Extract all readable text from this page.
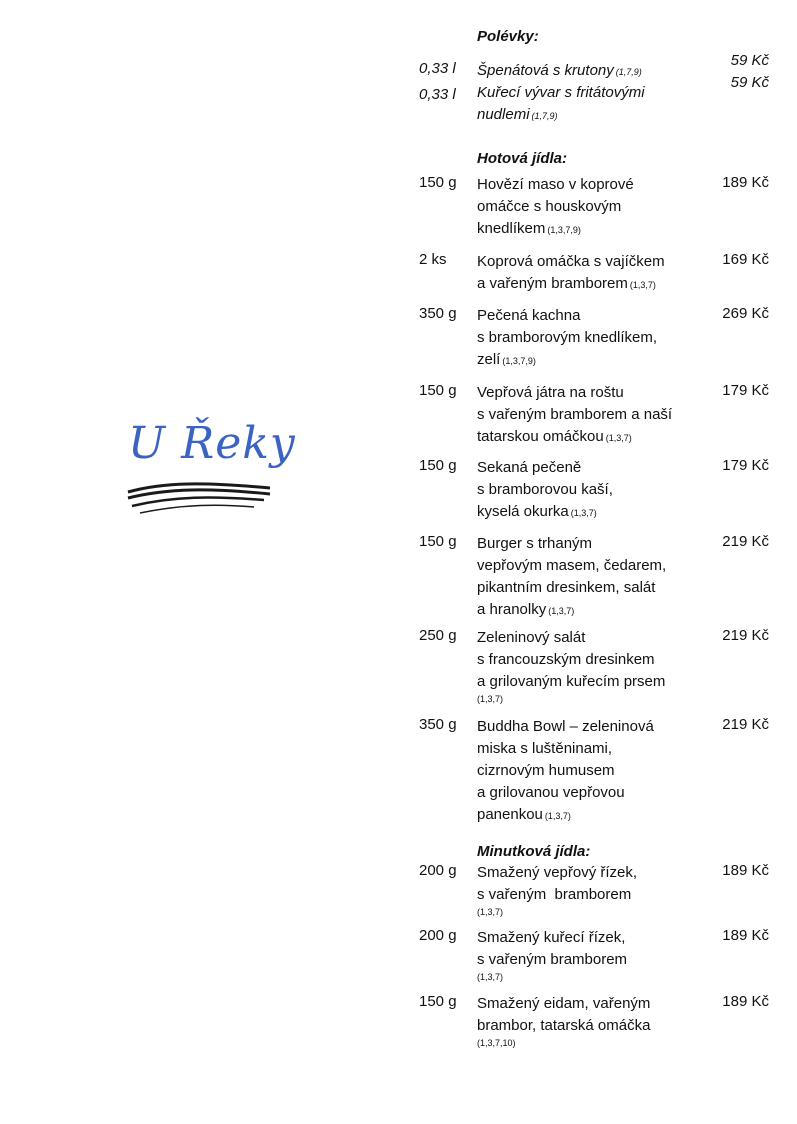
U Řeky
Polévky:
0,33 l Špenátová s krutony (1,7,9)
59 Kč
0,33 l Kuřecí vývar s fritátovými
nudlemi (1,7,9)
59 Kč
Hotová jídla:
150 g Hovězí maso v koprové
omáčce s houskovým
knedlíkem (1,3,7,9)
189 Kč
2 ks Koprová omáčka s vajíčkem
a vařeným bramborem (1,3,7)
169 Kč
350 g Pečená kachna
s bramborovým knedlíkem,
zelí (1,3,7,9)
269 Kč
150 g Vepřová játra na roštu
s vařeným bramborem a naší
tatarskou omáčkou (1,3,7)
179 Kč
150 g Sekaná pečeně
s bramborovou kaší,
kyselá okurka (1,3,7)
179 Kč
150 g Burger s trhaným
vepřovým masem, čedarem,
pikantním dresinkem, salát
a hranolky (1,3,7)
219 Kč
250 g Zeleninový salát
s francouzským dresinkem
a grilovaným kuřecím prsem
(1,3,7)
219 Kč
350 g Buddha Bowl – zeleninová
miska s luštěninami,
cizrnovým humusem
a grilovanou vepřovou
panenkou (1,3,7)
219 Kč
Minutková jídla:
200 g Smažený vepřový řízek,
s vařeným  bramborem
(1,3,7)
189 Kč
200 g Smažený kuřecí řízek,
s vařeným bramborem
(1,3,7)
189 Kč
150 g Smažený eidam, vařeným
brambor, tatarská omáčka
(1,3,7,10)
189 Kč
